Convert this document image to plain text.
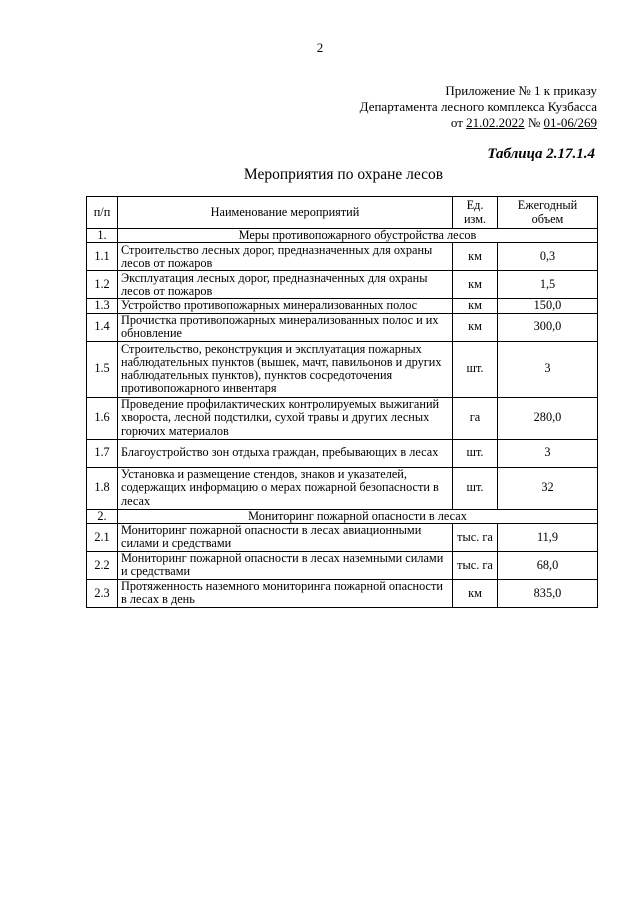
2
Приложение № 1 к приказу
Департамента лесного комплекса Кузбасса
от 21.02.2022 № 01-06/269
Таблица 2.17.1.4
Мероприятия по охране лесов
п/п	Наименование мероприятий	Ед. изм.	Ежегодный объем
1.	Меры противопожарного обустройства лесов		
1.1	Строительство лесных дорог, предназначенных для охраны лесов от пожаров	км	0,3
1.2	Эксплуатация лесных дорог, предназначенных для охраны лесов от пожаров	км	1,5
1.3	Устройство противопожарных минерализованных полос	км	150,0
1.4	Прочистка противопожарных минерализованных полос и их обновление	км	300,0
1.5	Строительство, реконструкция и эксплуатация пожарных наблюдательных пунктов (вышек, мачт, павильонов и других наблюдательных пунктов), пунктов сосредоточения противопожарного инвентаря	шт.	3
1.6	Проведение профилактических контролируемых выжиганий хвороста, лесной подстилки, сухой травы и других лесных горючих материалов	га	280,0
1.7	Благоустройство зон отдыха граждан, пребывающих в лесах	шт.	3
1.8	Установка и размещение стендов, знаков и указателей, содержащих информацию о мерах пожарной безопасности в лесах	шт.	32
2.	Мониторинг пожарной опасности в лесах		
2.1	Мониторинг пожарной опасности в лесах авиационными силами и средствами	тыс. га	11,9
2.2	Мониторинг пожарной опасности в лесах наземными силами и средствами	тыс. га	68,0
2.3	Протяженность наземного мониторинга пожарной опасности в лесах в день	км	835,0
